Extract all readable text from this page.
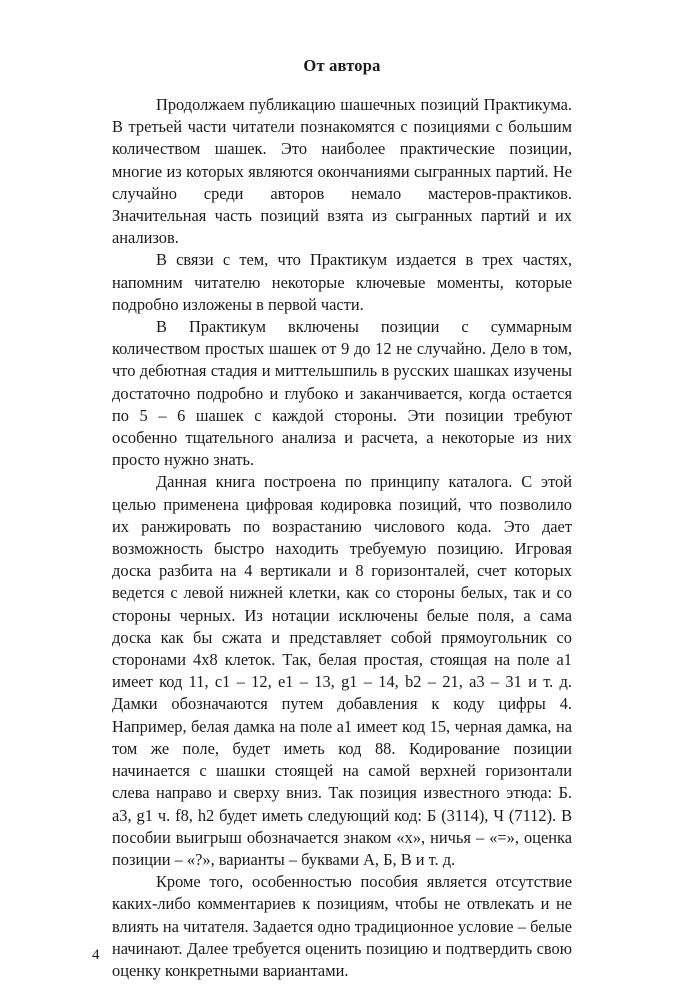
От автора

Продолжаем публикацию шашечных позиций Практикума. В третьей части читатели познакомятся с позициями с большим количеством шашек. Это наиболее практические позиции, многие из которых являются окончаниями сыгранных партий. Не случайно среди авторов немало мастеров-практиков. Значительная часть позиций взята из сыгранных партий и их анализов.

В связи с тем, что Практикум издается в трех частях, напомним читателю некоторые ключевые моменты, которые подробно изложены в первой части.

В Практикум включены позиции с суммарным количеством простых шашек от 9 до 12 не случайно. Дело в том, что дебютная стадия и миттельшпиль в русских шашках изучены достаточно подробно и глубоко и заканчивается, когда остается по 5 – 6 шашек с каждой стороны. Эти позиции требуют особенно тщательного анализа и расчета, а некоторые из них просто нужно знать.

Данная книга построена по принципу каталога. С этой целью применена цифровая кодировка позиций, что позволило их ранжировать по возрастанию числового кода. Это дает возможность быстро находить требуемую позицию. Игровая доска разбита на 4 вертикали и 8 горизонталей, счет которых ведется с левой нижней клетки, как со стороны белых, так и со стороны черных. Из нотации исключены белые поля, а сама доска как бы сжата и представляет собой прямоугольник со сторонами 4х8 клеток. Так, белая простая, стоящая на поле a1 имеет код 11, c1 – 12, e1 – 13, g1 – 14, b2 – 21, a3 – 31 и т. д. Дамки обозначаются путем добавления к коду цифры 4. Например, белая дамка на поле a1 имеет код 15, черная дамка, на том же поле, будет иметь код 88. Кодирование позиции начинается с шашки стоящей на самой верхней горизонтали слева направо и сверху вниз. Так позиция известного этюда: Б. a3, g1 ч. f8, h2 будет иметь следующий код: Б (3114), Ч (7112). В пособии выигрыш обозначается знаком «х», ничья – «=», оценка позиции – «?», варианты – буквами А, Б, В и т. д.

Кроме того, особенностью пособия является отсутствие каких-либо комментариев к позициям, чтобы не отвлекать и не влиять на читателя. Задается одно традиционное условие – белые начинают. Далее требуется оценить позицию и подтвердить свою оценку конкретными вариантами.

4
